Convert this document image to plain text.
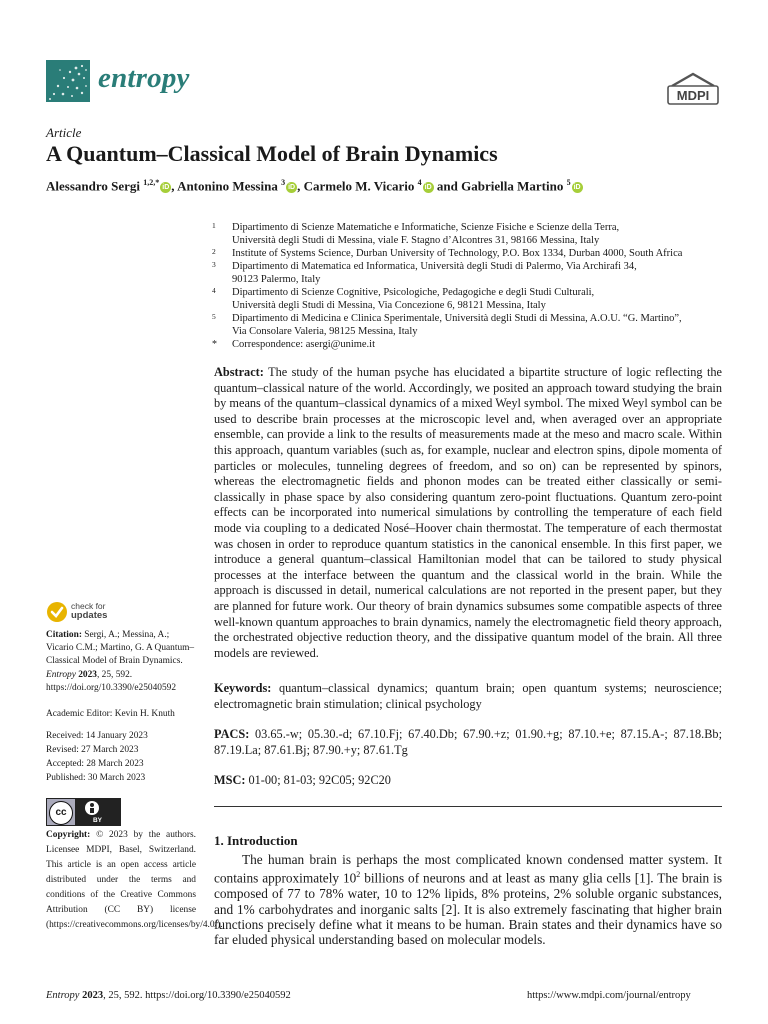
entropy
MDPI
Article
A Quantum–Classical Model of Brain Dynamics
Alessandro Sergi $^{1,2,*}$iD , Antonino Messina $^3$iD , Carmelo M. Vicario $^4$iD and Gabriella Martino $^5$iD
1 Dipartimento di Scienze Matematiche e Informatiche, Scienze Fisiche e Scienze della Terra,
Università degli Studi di Messina, viale F. Stagno d’Alcontres 31, 98166 Messina, Italy
2 Institute of Systems Science, Durban University of Technology, P.O. Box 1334, Durban 4000, South Africa
3 Dipartimento di Matematica ed Informatica, Università degli Studi di Palermo, Via Archirafi 34,
90123 Palermo, Italy
4 Dipartimento di Scienze Cognitive, Psicologiche, Pedagogiche e degli Studi Culturali,
Università degli Studi di Messina, Via Concezione 6, 98121 Messina, Italy
5 Dipartimento di Medicina e Clinica Sperimentale, Università degli Studi di Messina, A.O.U. “G. Martino”,
Via Consolare Valeria, 98125 Messina, Italy
* Correspondence: asergi@unime.it

Abstract: The study of the human psyche has elucidated a bipartite structure of logic reflecting the quantum–classical nature of the world. Accordingly, we posited an approach toward studying the brain by means of the quantum–classical dynamics of a mixed Weyl symbol. The mixed Weyl symbol can be used to describe brain processes at the microscopic level and, when averaged over an appropriate ensemble, can provide a link to the results of measurements made at the meso and macro scale. Within this approach, quantum variables (such as, for example, nuclear and electron spins, dipole momenta of particles or molecules, tunneling degrees of freedom, and so on) can be represented by spinors, whereas the electromagnetic fields and phonon modes can be treated either classically or semi-classically in phase space by also considering quantum zero-point fluctuations. Quantum zero-point effects can be incorporated into numerical simulations by controlling the temperature of each field mode via coupling to a dedicated Nosé–Hoover chain thermostat. The temperature of each thermostat was chosen in order to reproduce quantum statistics in the canonical ensemble. In this first paper, we introduce a general quantum–classical Hamiltonian model that can be tailored to study physical processes at the interface between the quantum and the classical world in the brain. While the approach is discussed in detail, numerical calculations are not reported in the present paper, but they are planned for future work. Our theory of brain dynamics subsumes some compatible aspects of three well-known quantum approaches to brain dynamics, namely the electromagnetic field theory approach, the orchestrated objective reduction theory, and the dissipative quantum model of the brain. All three models are reviewed.

Keywords: quantum–classical dynamics; quantum brain; open quantum systems; neuroscience; electromagnetic brain stimulation; clinical psychology

PACS: 03.65.-w; 05.30.-d; 67.10.Fj; 67.40.Db; 67.90.+z; 01.90.+g; 87.10.+e; 87.15.A-; 87.18.Bb; 87.19.La; 87.61.Bj; 87.90.+y; 87.61.Tg

MSC: 01-00; 81-03; 92C05; 92C20

check for
updates

Citation: Sergi, A.; Messina, A.; Vicario C.M.; Martino, G. A Quantum–Classical Model of Brain Dynamics. Entropy 2023, 25, 592. https://doi.org/10.3390/e25040592

Academic Editor: Kevin H. Knuth

Received: 14 January 2023

Revised: 27 March 2023

Accepted: 28 March 2023

Published: 30 March 2023

cc
BY

Copyright: © 2023 by the authors. Licensee MDPI, Basel, Switzerland. This article is an open access article distributed under the terms and conditions of the Creative Commons Attribution (CC BY) license (https://creativecommons.org/licenses/by/4.0/).

1. Introduction

The human brain is perhaps the most complicated known condensed matter system. It contains approximately $10^2$ billions of neurons and at least as many glia cells [1]. The brain is composed of 77 to 78% water, 10 to 12% lipids, 8% proteins, 2% soluble organic substances, and 1% carbohydrates and inorganic salts [2]. It is also extremely fascinating that higher brain functions precisely define what it means to be human. Brain states and their dynamics have so far eluded physical understanding based on molecular models.

Entropy 2023, 25, 592. https://doi.org/10.3390/e25040592	https://www.mdpi.com/journal/entropy
